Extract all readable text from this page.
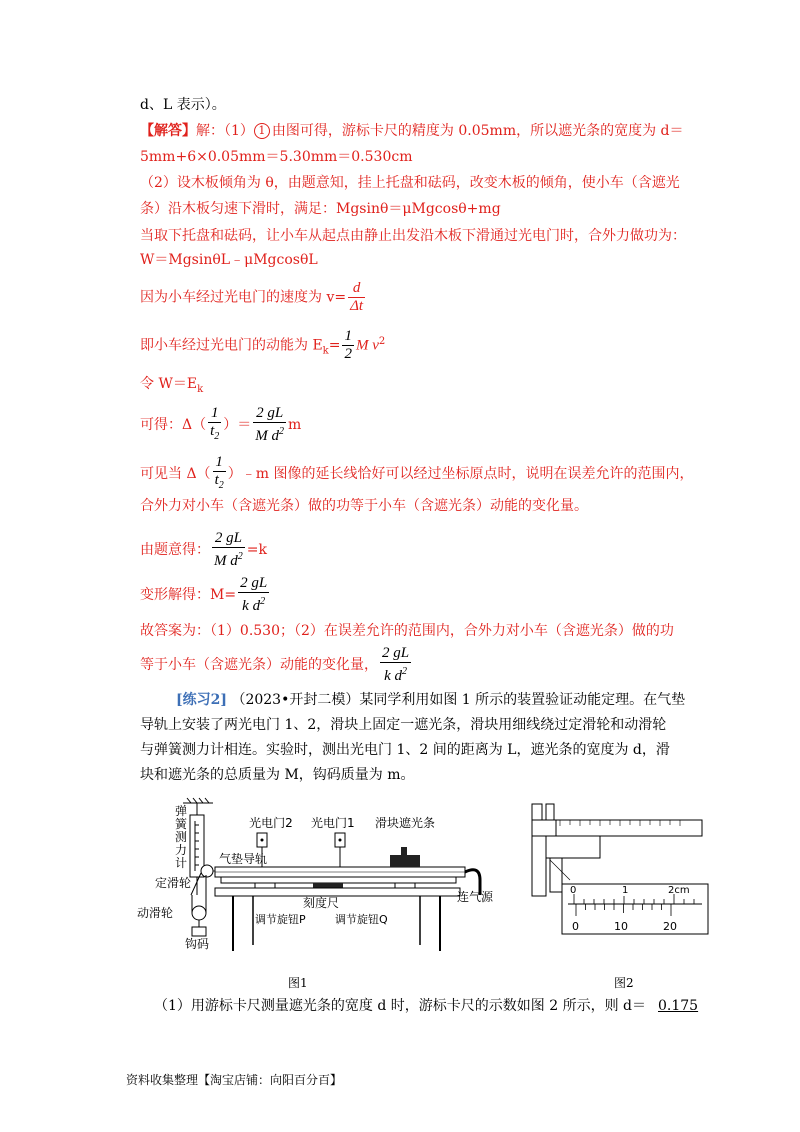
d、L 表示）。
【解答】解：（1） 1 由图可得，游标卡尺的精度为 0.05mm，所以遮光条的宽度为 d＝
5mm+6×0.05mm＝5.30mm＝0.530cm
（2）设木板倾角为 θ，由题意知，挂上托盘和砝码，改变木板的倾角，使小车（含遮光
条）沿木板匀速下滑时，满足：Mgsinθ＝μMgcosθ+mg
当取下托盘和砝码，让小车从起点由静止出发沿木板下滑通过光电门时，合外力做功为：
W＝MgsinθL﹣μMgcosθL
因为小车经过光电门的速度为 $v= \frac{d}{\Delta t}$
即小车经过光电门的动能为 $E_k= \frac{1}{2}$ M $v^2$
令 $W=E_k$
可得：$\Delta( \frac{1}{t_2}$ ）＝ $\frac{2 gL}{M d^2}$ m
可见当 $\Delta( \frac{1}{t_2}$ ）﹣m 图像的延长线恰好可以经过坐标原点时，说明在误差允许的范围内，
合外力对小车（含遮光条）做的功等于小车（含遮光条）动能的变化量。
由题意得： $\frac{2 gL}{M d^2} =k$
变形解得：$M= \frac{2 gL}{k d^2}$
故答案为：（1）0.530；（2）在误差允许的范围内，合外力对小车（含遮光条）做的功
等于小车（含遮光条）动能的变化量， $\frac{2 gL}{k d^2}$
[练习2] （2023•开封二模）某同学利用如图 1 所示的装置验证动能定理。在气垫
导轨上安装了两光电门 1、2，滑块上固定一遮光条，滑块用细线绕过定滑轮和动滑轮
与弹簧测力计相连。实验时，测出光电门 1、2 间的距离为 L，遮光条的宽度为 d，滑
块和遮光条的总质量为 M，钩码质量为 m。
弹簧测力计
光电门2 光电门1 滑块遮光条
气垫导轨
定滑轮
刻度尺	连气源
动滑轮	调节旋钮P	调节旋钮Q
钩码
0	1	2cm
0	10	20
图1	图2
（1）用游标卡尺测量遮光条的宽度 d 时，游标卡尺的示数如图 2 所示，则 d＝ 0.175
资料收集整理【淘宝店铺：向阳百分百】
